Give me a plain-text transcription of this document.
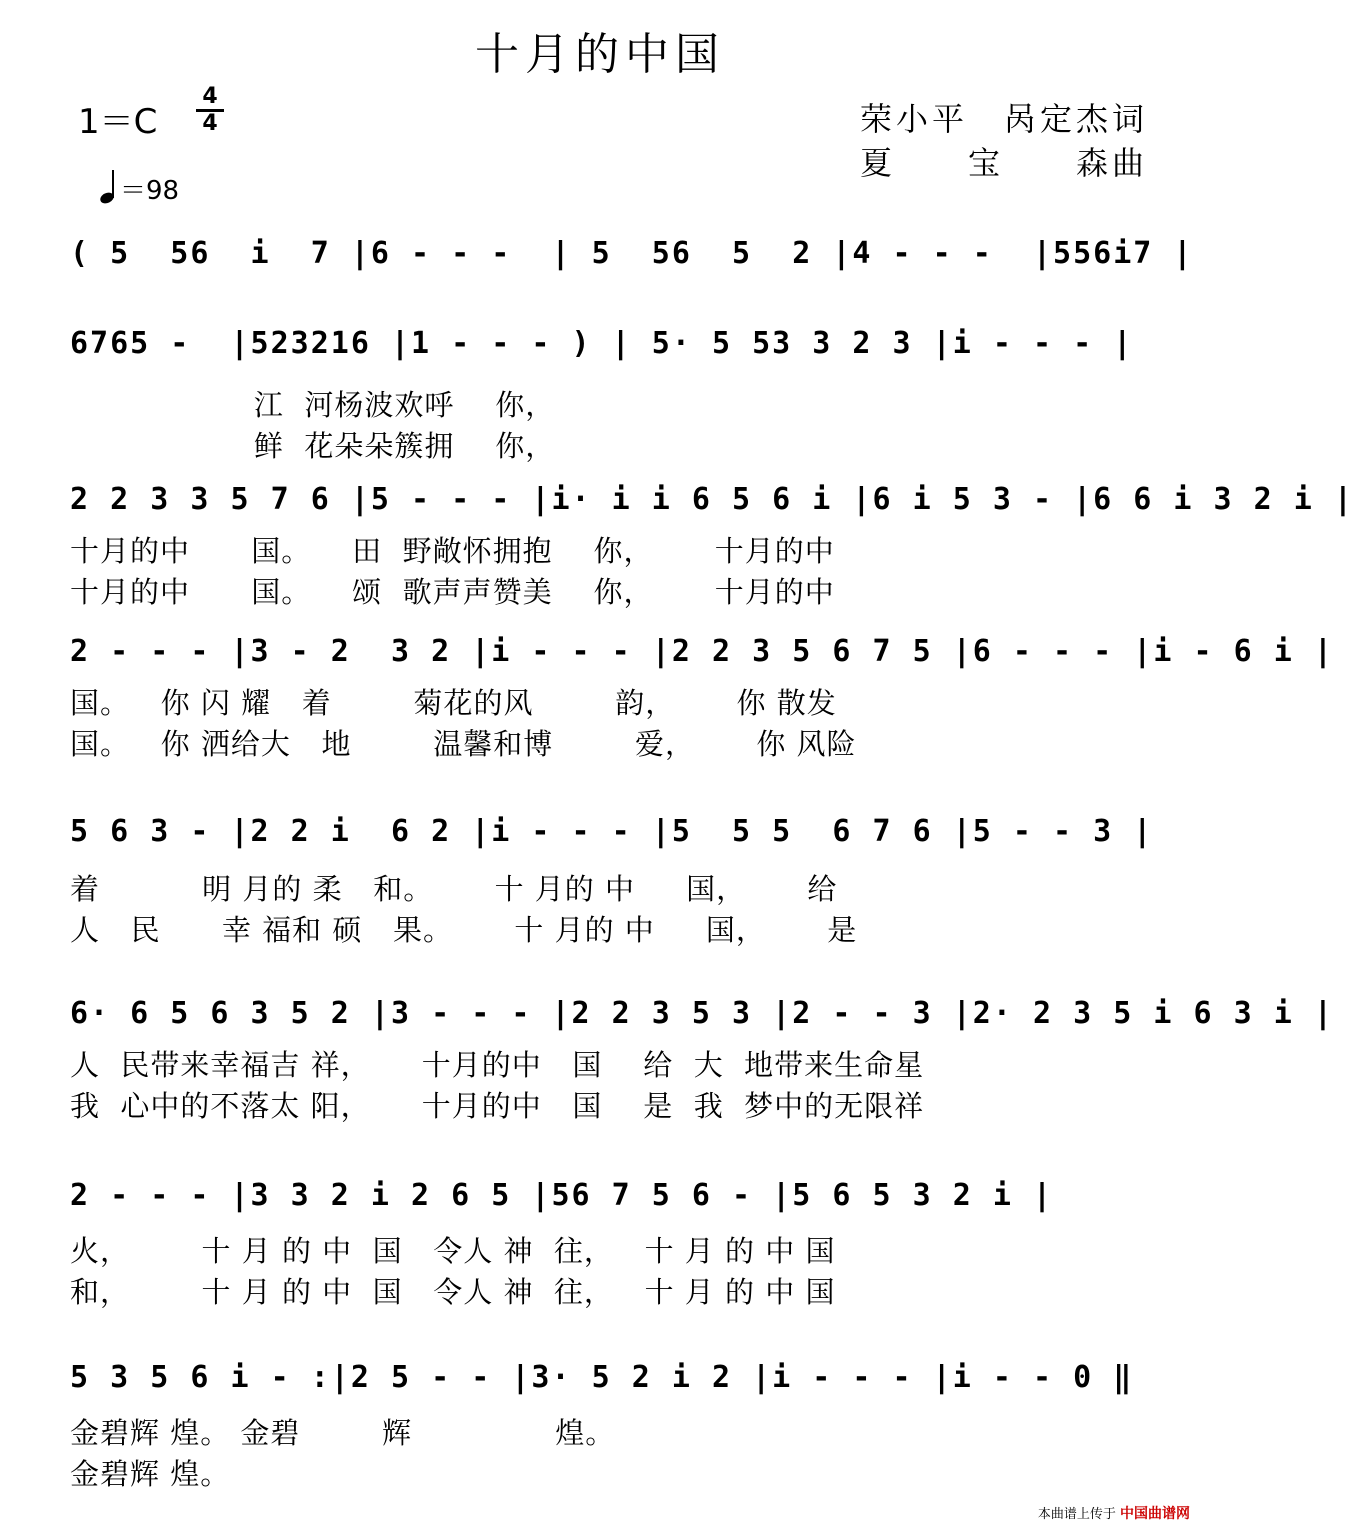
十月的中国
1＝C
4
4	荣小平　呙定杰词
夏　　宝　　森曲
＝98
( 5  56  i  7 |6 - - -  | 5  56  5  2 |4 - - -  |556i7 |
6765 -  |523216 |1 - - - ) | 5· 5 53 3 2 3 |i - - - |
江  河杨波欢呼    你，
鲜  花朵朵簇拥    你，
2 2 3 3 5 7 6 |5 - - - |i· i i 6 5 6 i |6 i 5 3 - |6 6 i 3 2 i |
十月的中      国。    田  野敞怀拥抱    你，      十月的中
十月的中      国。    颂  歌声声赞美    你，      十月的中
2 - - - |3 - 2  3 2 |i - - - |2 2 3 5 6 7 5 |6 - - - |i - 6 i |
国。   你 闪 耀   着        菊花的风        韵，      你 散发
国。   你 洒给大   地        温馨和博        爱，      你 风险
5 6 3 - |2 2 i  6 2 |i - - - |5  5 5  6 7 6 |5 - - 3 |
着          明 月的 柔   和。      十 月的 中     国，      给
人   民      幸 福和 硕   果。      十 月的 中     国，      是
6· 6 5 6 3 5 2 |3 - - - |2 2 3 5 3 |2 - - 3 |2· 2 3 5 i 6 3 i |
人  民带来幸福吉 祥，     十月的中   国    给  大  地带来生命星
我  心中的不落太 阳，     十月的中   国    是  我  梦中的无限祥
2 - - - |3 3 2 i 2 6 5 |56 7 5 6 - |5 6 5 3 2 i |
火，       十 月 的 中  国   令人 神  往，   十 月 的 中 国
和，       十 月 的 中  国   令人 神  往，   十 月 的 中 国
5 3 5 6 i - :|2 5 - - |3· 5 2 i 2 |i - - - |i - - 0 ‖
金碧辉 煌。 金碧        辉              煌。
金碧辉 煌。
本曲谱上传于 中国曲谱网
